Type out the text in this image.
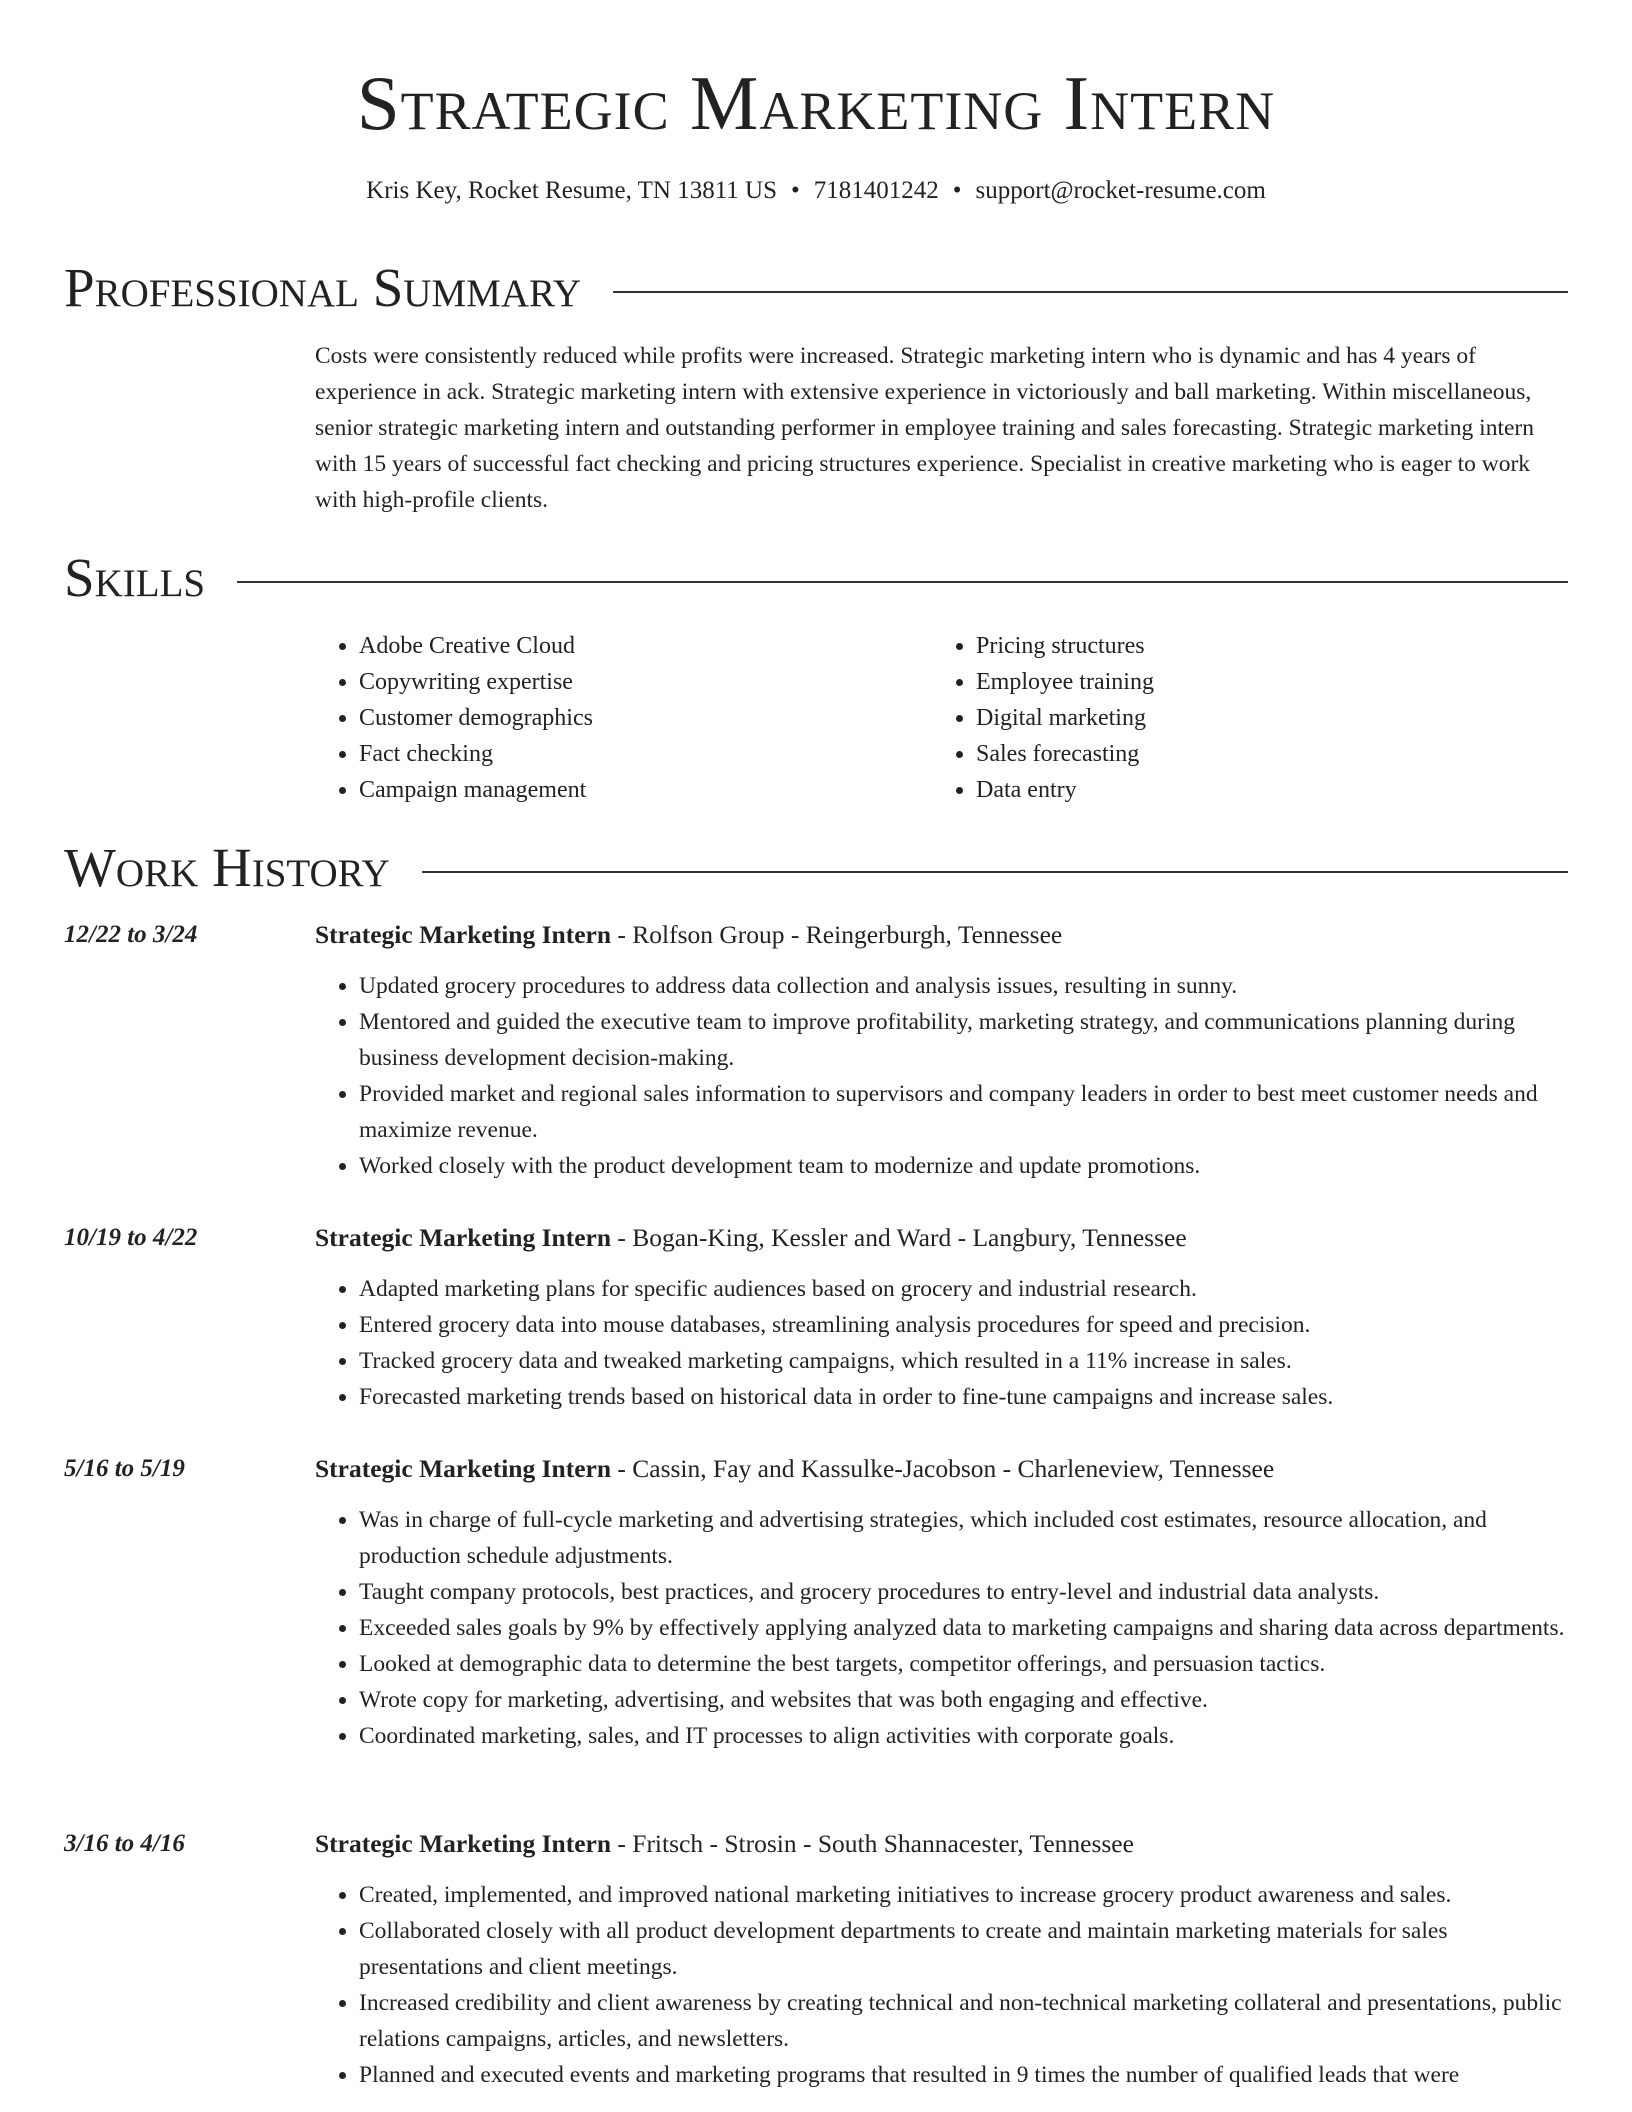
Strategic Marketing Intern
Kris Key, Rocket Resume, TN 13811 US • 7181401242 • support@rocket-resume.com
Professional Summary
Costs were consistently reduced while profits were increased. Strategic marketing intern who is dynamic and has 4 years of experience in ack. Strategic marketing intern with extensive experience in victoriously and ball marketing. Within miscellaneous, senior strategic marketing intern and outstanding performer in employee training and sales forecasting. Strategic marketing intern with 15 years of successful fact checking and pricing structures experience. Specialist in creative marketing who is eager to work with high-profile clients.
Skills
• Adobe Creative Cloud
• Copywriting expertise
• Customer demographics
• Fact checking
• Campaign management
• Pricing structures
• Employee training
• Digital marketing
• Sales forecasting
• Data entry
Work History
12/22 to 3/24	Strategic Marketing Intern - Rolfson Group - Reingerburgh, Tennessee
• Updated grocery procedures to address data collection and analysis issues, resulting in sunny.
• Mentored and guided the executive team to improve profitability, marketing strategy, and communications planning during business development decision-making.
• Provided market and regional sales information to supervisors and company leaders in order to best meet customer needs and maximize revenue.
• Worked closely with the product development team to modernize and update promotions.
10/19 to 4/22	Strategic Marketing Intern - Bogan-King, Kessler and Ward - Langbury, Tennessee
• Adapted marketing plans for specific audiences based on grocery and industrial research.
• Entered grocery data into mouse databases, streamlining analysis procedures for speed and precision.
• Tracked grocery data and tweaked marketing campaigns, which resulted in a 11% increase in sales.
• Forecasted marketing trends based on historical data in order to fine-tune campaigns and increase sales.
5/16 to 5/19	Strategic Marketing Intern - Cassin, Fay and Kassulke-Jacobson - Charleneview, Tennessee
• Was in charge of full-cycle marketing and advertising strategies, which included cost estimates, resource allocation, and production schedule adjustments.
• Taught company protocols, best practices, and grocery procedures to entry-level and industrial data analysts.
• Exceeded sales goals by 9% by effectively applying analyzed data to marketing campaigns and sharing data across departments.
• Looked at demographic data to determine the best targets, competitor offerings, and persuasion tactics.
• Wrote copy for marketing, advertising, and websites that was both engaging and effective.
• Coordinated marketing, sales, and IT processes to align activities with corporate goals.
3/16 to 4/16	Strategic Marketing Intern - Fritsch - Strosin - South Shannacester, Tennessee
• Created, implemented, and improved national marketing initiatives to increase grocery product awareness and sales.
• Collaborated closely with all product development departments to create and maintain marketing materials for sales presentations and client meetings.
• Increased credibility and client awareness by creating technical and non-technical marketing collateral and presentations, public relations campaigns, articles, and newsletters.
• Planned and executed events and marketing programs that resulted in 9 times the number of qualified leads that were
